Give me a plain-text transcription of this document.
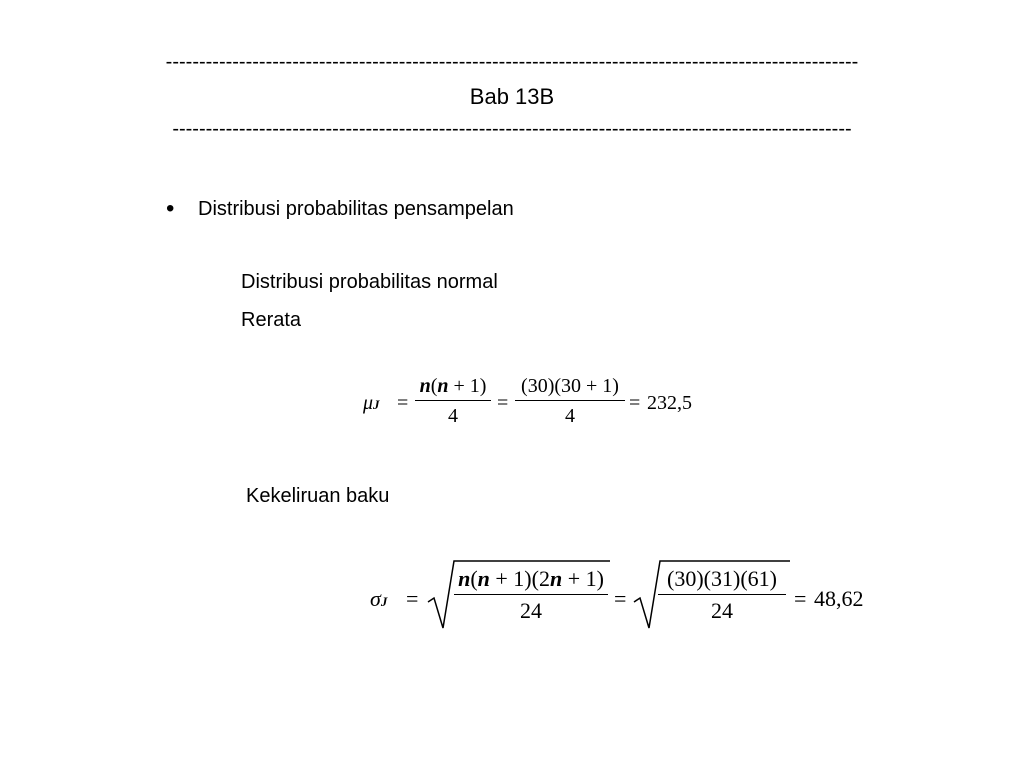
--------------------------------------------------------------------------------------------------------
Bab 13B
------------------------------------------------------------------------------------------------------
•	Distribusi probabilitas pensampelan
Distribusi probabilitas normal
Rerata
μJ =
n(n + 1)
4
=
(30)(30 + 1)
4
= 232,5
Kekeliruan baku
σJ =
n(n + 1)(2n + 1)
24	=
(30)(31)(61)
24	= 48,62
